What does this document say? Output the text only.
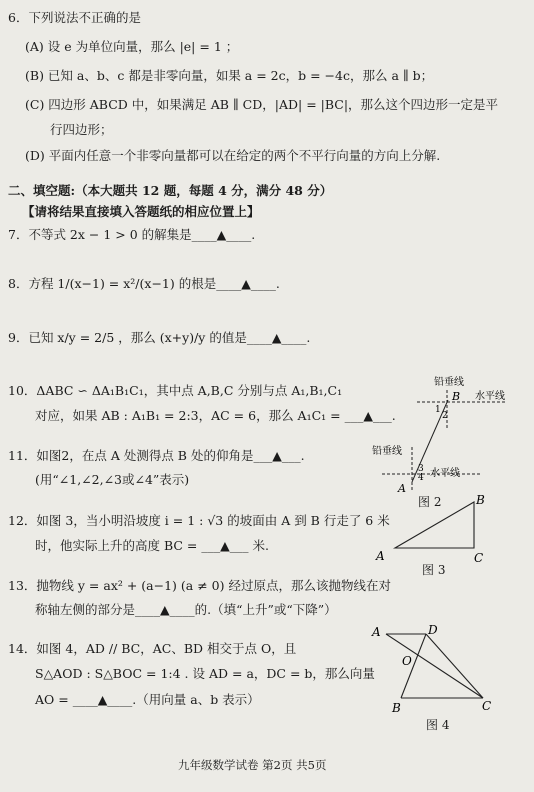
6．下列说法不正确的是
(A) 设 e 为单位向量，那么 |e| = 1 ；
(B) 已知 a、b、c 都是非零向量，如果 a = 2c，b = −4c，那么 a ∥ b；
(C) 四边形 ABCD 中，如果满足 AB ∥ CD，|AD| = |BC|，那么这个四边形一定是平
行四边形；
(D) 平面内任意一个非零向量都可以在给定的两个不平行向量的方向上分解.
二、填空题:（本大题共 12 题，每题 4 分，满分 48 分）
【请将结果直接填入答题纸的相应位置上】
7．不等式 2x − 1 > 0 的解集是____▲____.
8．方程 1/(x−1) = x²/(x−1) 的根是____▲____.
9．已知 x/y = 2/5 ，那么 (x+y)/y 的值是____▲____.
10．ΔABC ∽ ΔA₁B₁C₁，其中点 A,B,C 分别与点 A₁,B₁,C₁
对应，如果 AB : A₁B₁ = 2:3，AC = 6，那么 A₁C₁ = ___▲___.
11．如图2，在点 A 处测得点 B 处的仰角是___▲___.
(用“∠1,∠2,∠3或∠4”表示)
12．如图 3，当小明沿坡度 i = 1 : √3 的坡面由 A 到 B 行走了 6 米
时，他实际上升的高度 BC = ___▲___ 米.
13．抛物线 y = ax² + (a−1) (a ≠ 0) 经过原点，那么该抛物线在对
称轴左侧的部分是____▲____的.（填“上升”或“下降”）
14．如图 4，AD // BC，AC、BD 相交于点 O，且
S△AOD : S△BOC = 1:4 . 设 AD = a，DC = b，那么向量
AO = ____▲____.（用向量 a、b 表示）
铅垂线
水平线
B
1
2
铅垂线
3
4 水平线
A
图 2
A
B
C
图 3
A	D
O
B	C
图 4
九年级数学试卷 第2页 共5页
